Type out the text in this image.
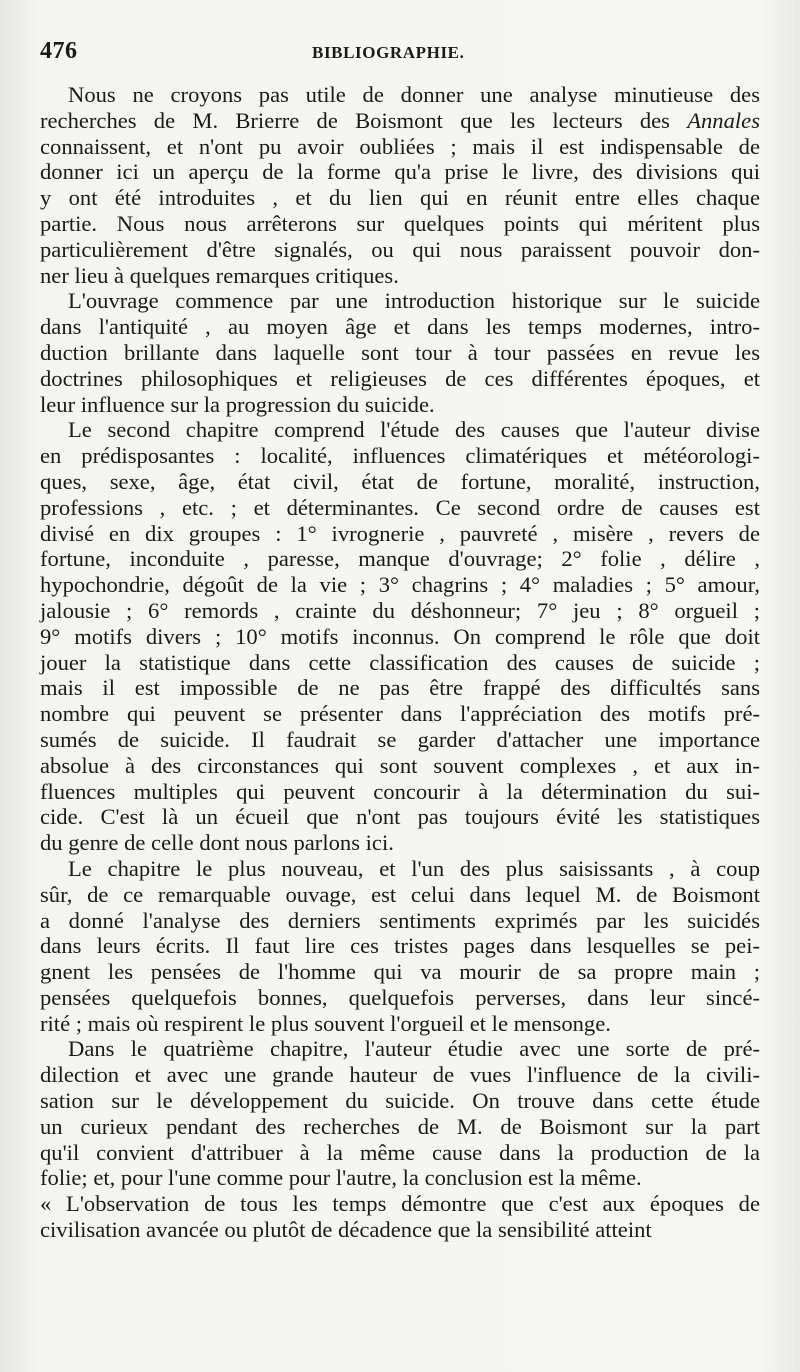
476	BIBLIOGRAPHIE.
Nous ne croyons pas utile de donner une analyse minutieuse des
recherches de M. Brierre de Boismont que les lecteurs des Annales
connaissent, et n'ont pu avoir oubliées ; mais il est indispensable de
donner ici un aperçu de la forme qu'a prise le livre, des divisions qui
y ont été introduites , et du lien qui en réunit entre elles chaque
partie. Nous nous arrêterons sur quelques points qui méritent plus
particulièrement d'être signalés, ou qui nous paraissent pouvoir don-
ner lieu à quelques remarques critiques.
L'ouvrage commence par une introduction historique sur le suicide
dans l'antiquité , au moyen âge et dans les temps modernes, intro-
duction brillante dans laquelle sont tour à tour passées en revue les
doctrines philosophiques et religieuses de ces différentes époques, et
leur influence sur la progression du suicide.
Le second chapitre comprend l'étude des causes que l'auteur divise
en prédisposantes : localité, influences climatériques et météorologi-
ques, sexe, âge, état civil, état de fortune, moralité, instruction,
professions , etc. ; et déterminantes. Ce second ordre de causes est
divisé en dix groupes : 1° ivrognerie , pauvreté , misère , revers de
fortune, inconduite , paresse, manque d'ouvrage; 2° folie , délire ,
hypochondrie, dégoût de la vie ; 3° chagrins ; 4° maladies ; 5° amour,
jalousie ; 6° remords , crainte du déshonneur; 7° jeu ; 8° orgueil ;
9° motifs divers ; 10° motifs inconnus. On comprend le rôle que doit
jouer la statistique dans cette classification des causes de suicide ;
mais il est impossible de ne pas être frappé des difficultés sans
nombre qui peuvent se présenter dans l'appréciation des motifs pré-
sumés de suicide. Il faudrait se garder d'attacher une importance
absolue à des circonstances qui sont souvent complexes , et aux in-
fluences multiples qui peuvent concourir à la détermination du sui-
cide. C'est là un écueil que n'ont pas toujours évité les statistiques
du genre de celle dont nous parlons ici.
Le chapitre le plus nouveau, et l'un des plus saisissants , à coup
sûr, de ce remarquable ouvage, est celui dans lequel M. de Boismont
a donné l'analyse des derniers sentiments exprimés par les suicidés
dans leurs écrits. Il faut lire ces tristes pages dans lesquelles se pei-
gnent les pensées de l'homme qui va mourir de sa propre main ;
pensées quelquefois bonnes, quelquefois perverses, dans leur sincé-
rité ; mais où respirent le plus souvent l'orgueil et le mensonge.
Dans le quatrième chapitre, l'auteur étudie avec une sorte de pré-
dilection et avec une grande hauteur de vues l'influence de la civili-
sation sur le développement du suicide. On trouve dans cette étude
un curieux pendant des recherches de M. de Boismont sur la part
qu'il convient d'attribuer à la même cause dans la production de la
folie; et, pour l'une comme pour l'autre, la conclusion est la même.
« L'observation de tous les temps démontre que c'est aux époques de
civilisation avancée ou plutôt de décadence que la sensibilité atteint
